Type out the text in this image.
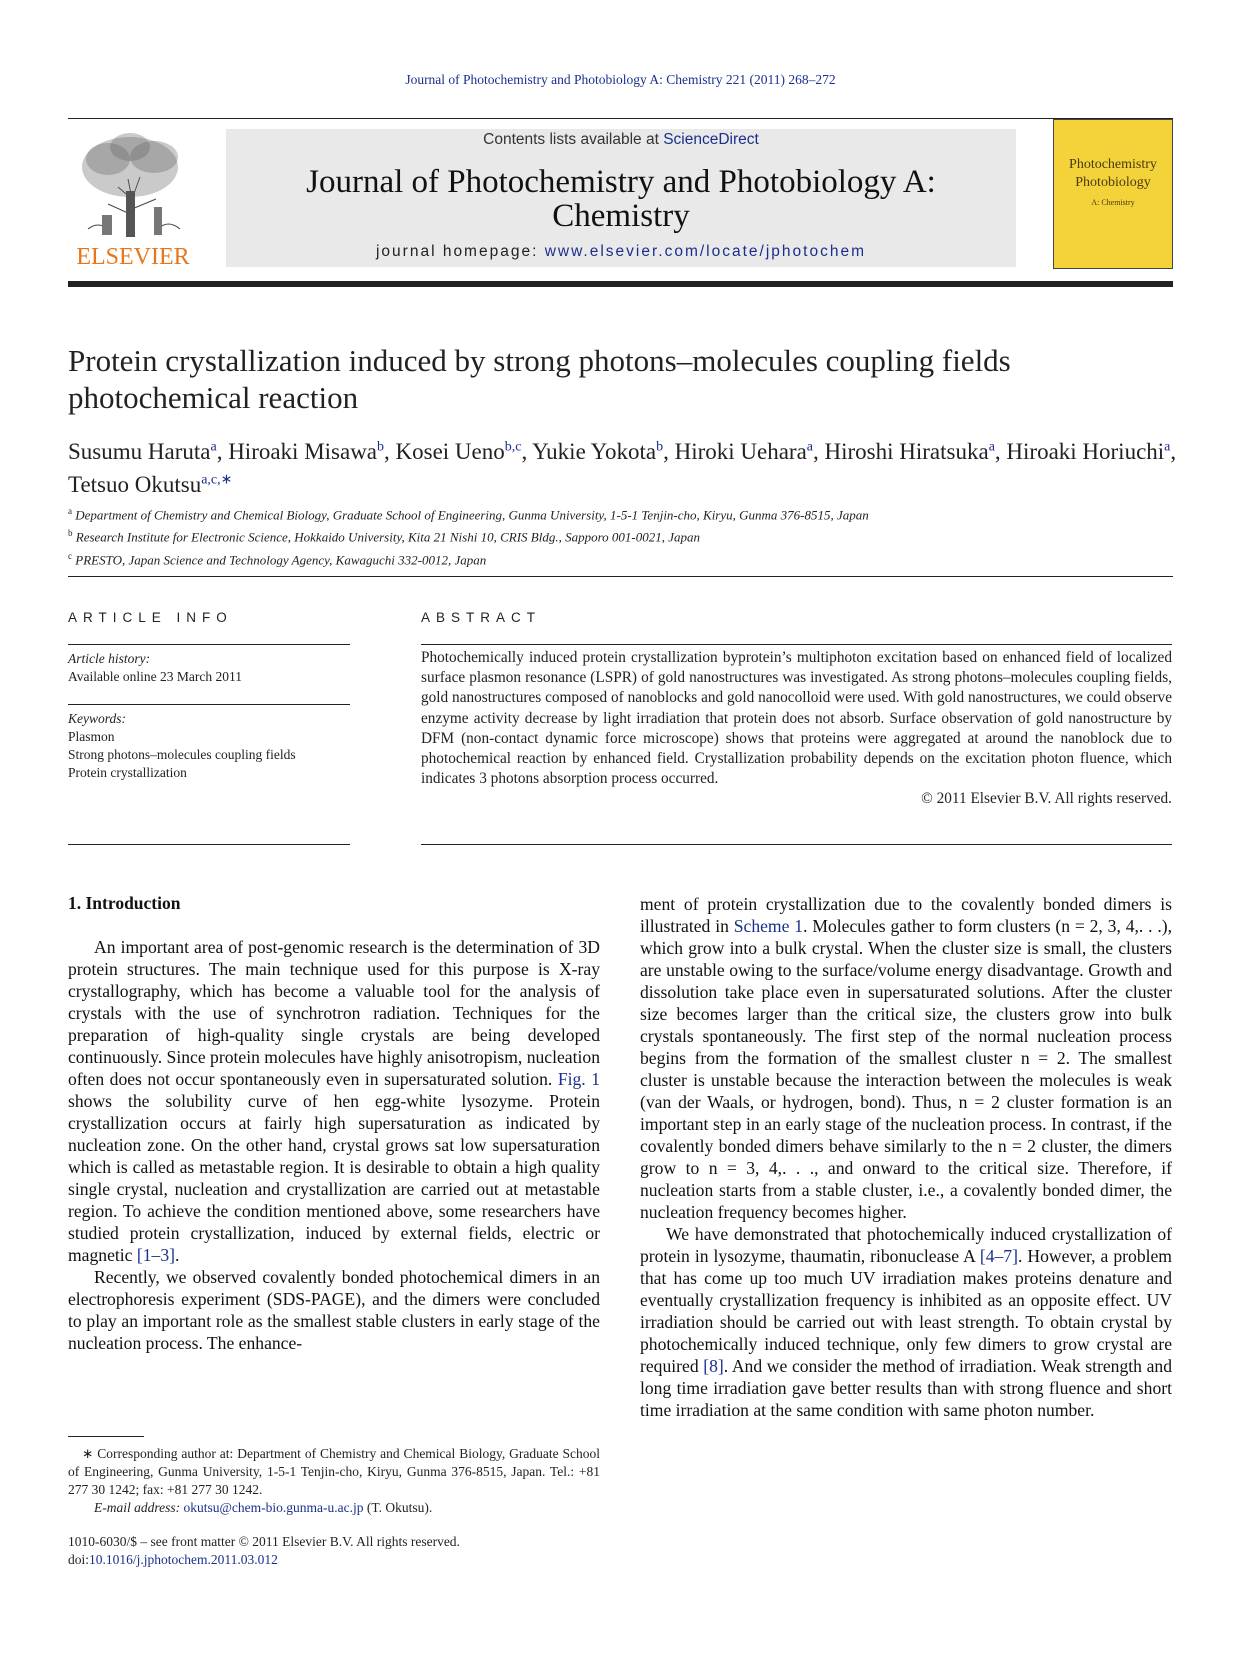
Journal of Photochemistry and Photobiology A: Chemistry 221 (2011) 268–272
ELSEVIER
Contents lists available at ScienceDirect
Journal of Photochemistry and Photobiology A:
Chemistry
journal homepage: www.elsevier.com/locate/jphotochem
Photochemistry Photobiology
A: Chemistry
Protein crystallization induced by strong photons–molecules coupling fields photochemical reaction
Susumu Haruta$^a$, Hiroaki Misawa$^b$, Kosei Ueno$^{b,c}$, Yukie Yokota$^b$, Hiroki Uehara$^a$, Hiroshi Hiratsuka$^a$, Hiroaki Horiuchi$^a$, Tetsuo Okutsu$^{a,c,∗}$
$^a$ Department of Chemistry and Chemical Biology, Graduate School of Engineering, Gunma University, 1-5-1 Tenjin-cho, Kiryu, Gunma 376-8515, Japan
$^b$ Research Institute for Electronic Science, Hokkaido University, Kita 21 Nishi 10, CRIS Bldg., Sapporo 001-0021, Japan
$^c$ PRESTO, Japan Science and Technology Agency, Kawaguchi 332-0012, Japan
ARTICLE INFO	ABSTRACT
Article history:
Available online 23 March 2011
Keywords:
Plasmon
Strong photons–molecules coupling fields
Protein crystallization
Photochemically induced protein crystallization byprotein’s multiphoton excitation based on enhanced field of localized surface plasmon resonance (LSPR) of gold nanostructures was investigated. As strong photons–molecules coupling fields, gold nanostructures composed of nanoblocks and gold nanocolloid were used. With gold nanostructures, we could observe enzyme activity decrease by light irradiation that protein does not absorb. Surface observation of gold nanostructure by DFM (non-contact dynamic force microscope) shows that proteins were aggregated at around the nanoblock due to photochemical reaction by enhanced field. Crystallization probability depends on the excitation photon fluence, which indicates 3 photons absorption process occurred.
© 2011 Elsevier B.V. All rights reserved.
1. Introduction

An important area of post-genomic research is the determination of 3D protein structures. The main technique used for this purpose is X-ray crystallography, which has become a valuable tool for the analysis of crystals with the use of synchrotron radiation. Techniques for the preparation of high-quality single crystals are being developed continuously. Since protein molecules have highly anisotropism, nucleation often does not occur spontaneously even in supersaturated solution. Fig. 1 shows the solubility curve of hen egg-white lysozyme. Protein crystallization occurs at fairly high supersaturation as indicated by nucleation zone. On the other hand, crystal grows sat low supersaturation which is called as metastable region. It is desirable to obtain a high quality single crystal, nucleation and crystallization are carried out at metastable region. To achieve the condition mentioned above, some researchers have studied protein crystallization, induced by external fields, electric or magnetic [1–3].

Recently, we observed covalently bonded photochemical dimers in an electrophoresis experiment (SDS-PAGE), and the dimers were concluded to play an important role as the smallest stable clusters in early stage of the nucleation process. The enhance-

ment of protein crystallization due to the covalently bonded dimers is illustrated in Scheme 1. Molecules gather to form clusters (n = 2, 3, 4,. . .), which grow into a bulk crystal. When the cluster size is small, the clusters are unstable owing to the surface/volume energy disadvantage. Growth and dissolution take place even in supersaturated solutions. After the cluster size becomes larger than the critical size, the clusters grow into bulk crystals spontaneously. The first step of the normal nucleation process begins from the formation of the smallest cluster n = 2. The smallest cluster is unstable because the interaction between the molecules is weak (van der Waals, or hydrogen, bond). Thus, n = 2 cluster formation is an important step in an early stage of the nucleation process. In contrast, if the covalently bonded dimers behave similarly to the n = 2 cluster, the dimers grow to n = 3, 4,. . ., and onward to the critical size. Therefore, if nucleation starts from a stable cluster, i.e., a covalently bonded dimer, the nucleation frequency becomes higher.

We have demonstrated that photochemically induced crystallization of protein in lysozyme, thaumatin, ribonuclease A [4–7]. However, a problem that has come up too much UV irradiation makes proteins denature and eventually crystallization frequency is inhibited as an opposite effect. UV irradiation should be carried out with least strength. To obtain crystal by photochemically induced technique, only few dimers to grow crystal are required [8]. And we consider the method of irradiation. Weak strength and long time irradiation gave better results than with strong fluence and short time irradiation at the same condition with same photon number.

∗ Corresponding author at: Department of Chemistry and Chemical Biology, Graduate School of Engineering, Gunma University, 1-5-1 Tenjin-cho, Kiryu, Gunma 376-8515, Japan. Tel.: +81 277 30 1242; fax: +81 277 30 1242.
E-mail address: okutsu@chem-bio.gunma-u.ac.jp (T. Okutsu).
1010-6030/$ – see front matter © 2011 Elsevier B.V. All rights reserved.
doi:10.1016/j.jphotochem.2011.03.012
